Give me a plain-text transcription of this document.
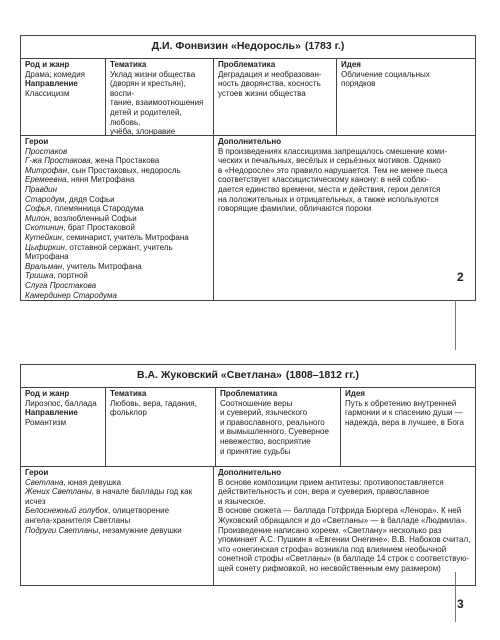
Д.И. Фонвизин «Недоросль» (1783 г.)
Род и жанр
Драма; комедия
Направление
Классицизм
Тематика
Уклад жизни общества
(дворян и крестьян), воспи-
тание, взаимоотношения
детей и родителей, любовь,
учёба, злонравие
Проблематика
Деградация и необразован-
ность дворянства, косность
устоев жизни общества
Идея
Обличение социальных
порядков
Герои
Простаков
Г-жа Простакова, жена Простакова
Митрофан, сын Простаковых, недоросль
Еремеевна, няня Митрофана
Правдин
Стародум, дядя Софьи
Софья, племянница Стародума
Милон, возлюбленный Софьи
Скотинин, брат Простаковой
Кутейкин, семинарист, учитель Митрофана
Цыфиркин, отставной сержант, учитель Митрофана
Вральман, учитель Митрофана
Тришка, портной
Слуга Простакова
Камердинер Стародума
Дополнительно
В произведениях классицизма запрещалось смешение коми-
ческих и печальных, весёлых и серьёзных мотивов. Однако
в «Недоросле» это правило нарушается. Тем не менее пьеса
соответствует классицистическому канону: в ней соблю-
дается единство времени, места и действия, герои делятся
на положительных и отрицательных, а также используются
говорящие фамилии, обличаются пороки
2
В.А. Жуковский «Светлана» (1808–1812 гг.)
Род и жанр
Лироэпос, баллада
Направление
Романтизм
Тематика
Любовь, вера, гадания,
фольклор
Проблематика
Соотношение веры
и суеверий, языческого
и православного, реального
и вымышленного. Суеверное
невежество, восприятие
и принятие судьбы
Идея
Путь к обретению внутренней
гармонии и к спасению души —
надежда, вера в лучшее, в Бога
Герои
Светлана, юная девушка
Жених Светланы, в начале баллады год как
исчез
Белоснежный голубок, олицетворение
ангела-хранителя Светланы
Подруги Светланы, незамужние девушки
Дополнительно
В основе композиции прием антитезы: противопоставляется
действительность и сон, вера и суеверия, православное
и языческое.
В основе сюжета — баллада Готфрида Бюргера «Ленора». К ней
Жуковский обращался и до «Светланы» — в балладе «Людмила».
Произведение написано хореем. «Светлану» несколько раз
упоминает А.С. Пушкин в «Евгении Онегине». В.В. Набоков считал,
что «онегинская строфа» возникла под влиянием необычной
сонетной строфы «Светланы» (в балладе 14 строк с соответствую-
щей сонету рифмовкой, но несвойственным ему размером)
3
